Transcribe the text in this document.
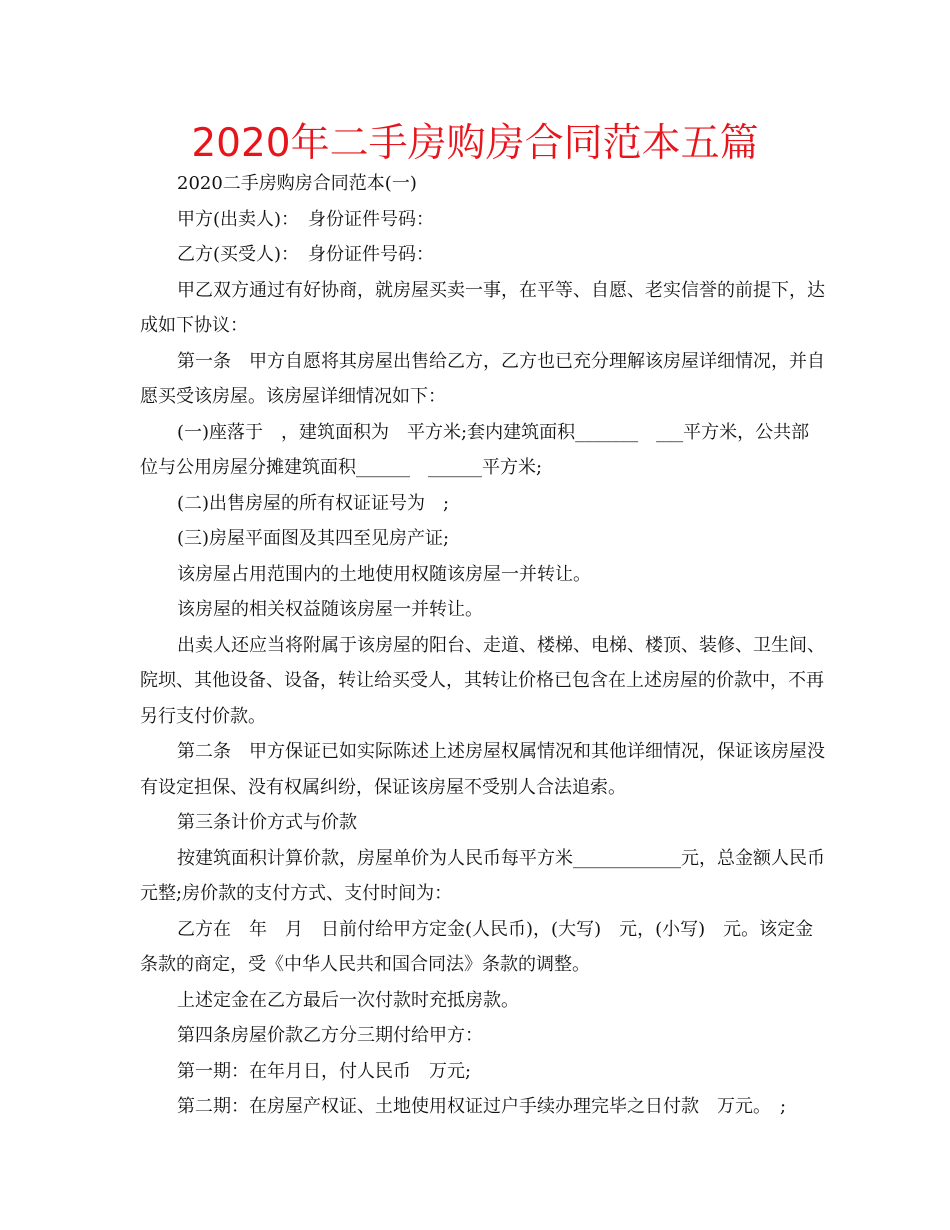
2020年二手房购房合同范本五篇

2020二手房购房合同范本(一)

甲方(出卖人)：　身份证件号码：

乙方(买受人)：　身份证件号码：

甲乙双方通过有好协商，就房屋买卖一事，在平等、自愿、老实信誉的前提下，达成如下协议：

第一条　甲方自愿将其房屋出售给乙方，乙方也已充分理解该房屋详细情况，并自愿买受该房屋。该房屋详细情况如下：

(一)座落于　，建筑面积为　平方米;套内建筑面积_______　___平方米，公共部位与公用房屋分摊建筑面积______　______平方米;

(二)出售房屋的所有权证证号为　;

(三)房屋平面图及其四至见房产证;

该房屋占用范围内的土地使用权随该房屋一并转让。

该房屋的相关权益随该房屋一并转让。

出卖人还应当将附属于该房屋的阳台、走道、楼梯、电梯、楼顶、装修、卫生间、院坝、其他设备、设备，转让给买受人，其转让价格已包含在上述房屋的价款中，不再另行支付价款。

第二条　甲方保证已如实际陈述上述房屋权属情况和其他详细情况，保证该房屋没有设定担保、没有权属纠纷，保证该房屋不受别人合法追索。

第三条计价方式与价款

按建筑面积计算价款，房屋单价为人民币每平方米____________元，总金额人民币　元整;房价款的支付方式、支付时间为：

乙方在　年　月　日前付给甲方定金(人民币)，(大写)　元，(小写)　元。该定金条款的商定，受《中华人民共和国合同法》条款的调整。

上述定金在乙方最后一次付款时充抵房款。

第四条房屋价款乙方分三期付给甲方：

第一期：在年月日，付人民币　万元;

第二期：在房屋产权证、土地使用权证过户手续办理完毕之日付款　万元。　;
